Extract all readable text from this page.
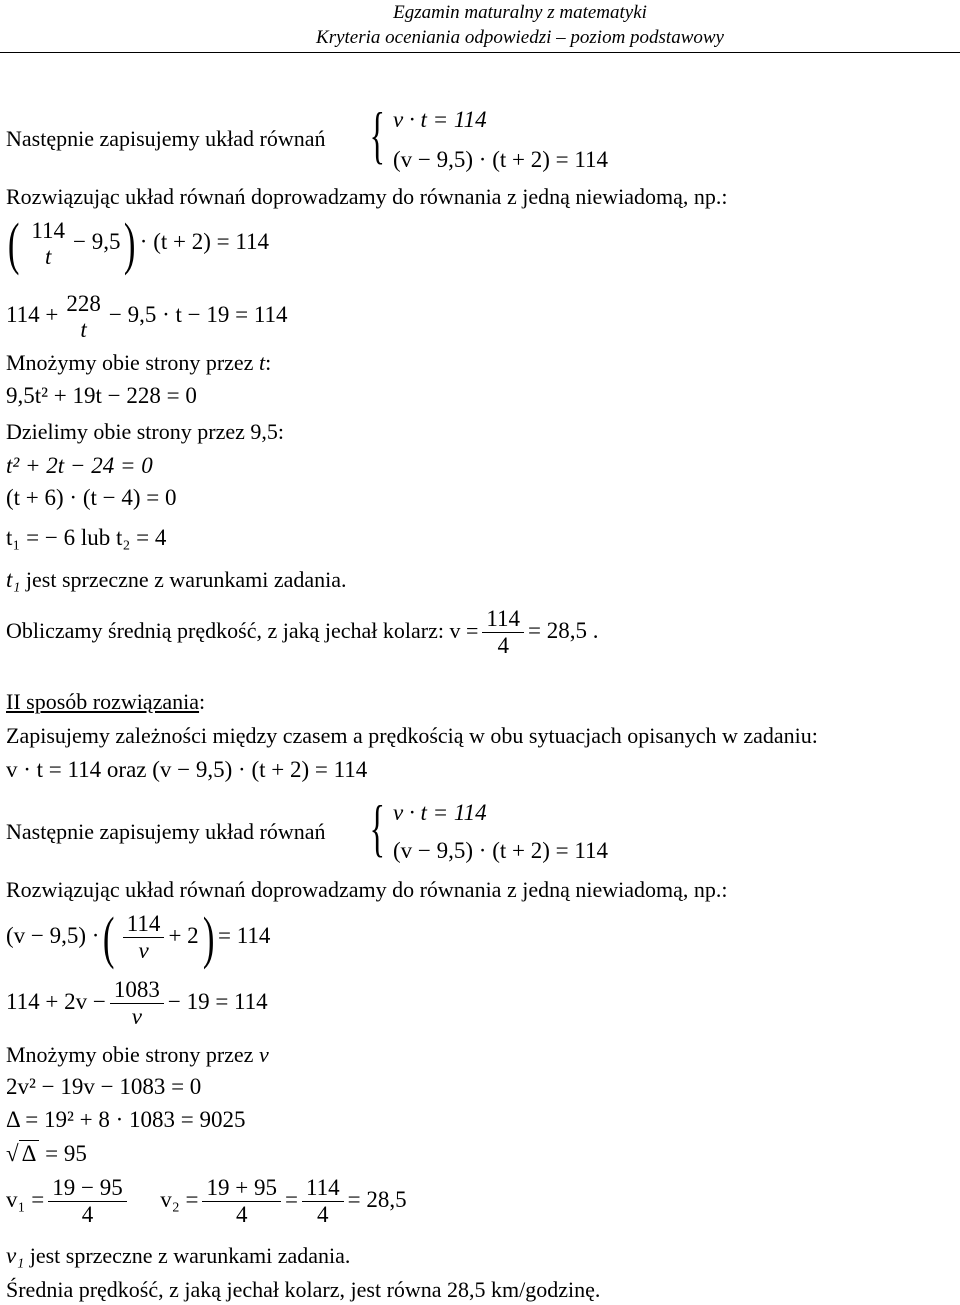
Egzamin maturalny z matematyki
Kryteria oceniania odpowiedzi – poziom podstawowy
Następnie zapisujemy układ równań { v · t = 114
(v − 9,5) · (t + 2) = 114
Rozwiązując układ równań doprowadzamy do równania z jedną niewiadomą, np.:
( 114
t
− 9,5) · (t + 2) = 114
114 + 228
t
− 9,5 · t − 19 = 114
Mnożymy obie strony przez t:
9,5t² + 19t − 228 = 0
Dzielimy obie strony przez 9,5:
t² + 2t − 24 = 0
(t + 6) · (t − 4) = 0
t₁ = − 6 lub t₂ = 4
t₁ jest sprzeczne z warunkami zadania.
Obliczamy średnią prędkość, z jaką jechał kolarz: $v = \frac{114}{4} = 28,5$ .
II sposób rozwiązania:
Zapisujemy zależności między czasem a prędkością w obu sytuacjach opisanych w zadaniu:
v · t = 114 oraz (v − 9,5) · (t + 2) = 114
Następnie zapisujemy układ równań { v · t = 114
(v − 9,5) · (t + 2) = 114
Rozwiązując układ równań doprowadzamy do równania z jedną niewiadomą, np.:
(v − 9,5) ·( $\frac{114}{v} + 2) = 114$
$114 + 2v - \frac{1083}{v} - 19 = 114$
Mnożymy obie strony przez v
2v² − 19v − 1083 = 0
Δ = 19² + 8 · 1083 = 9025
√ Δ = 95
$v_1 = \frac{19 - 95}{4} v_2 = \frac{19 + 95}{4} = \frac{114}{4} = 28,5$
v₁ jest sprzeczne z warunkami zadania.
Średnia prędkość, z jaką jechał kolarz, jest równa 28,5 km/godzinę.
